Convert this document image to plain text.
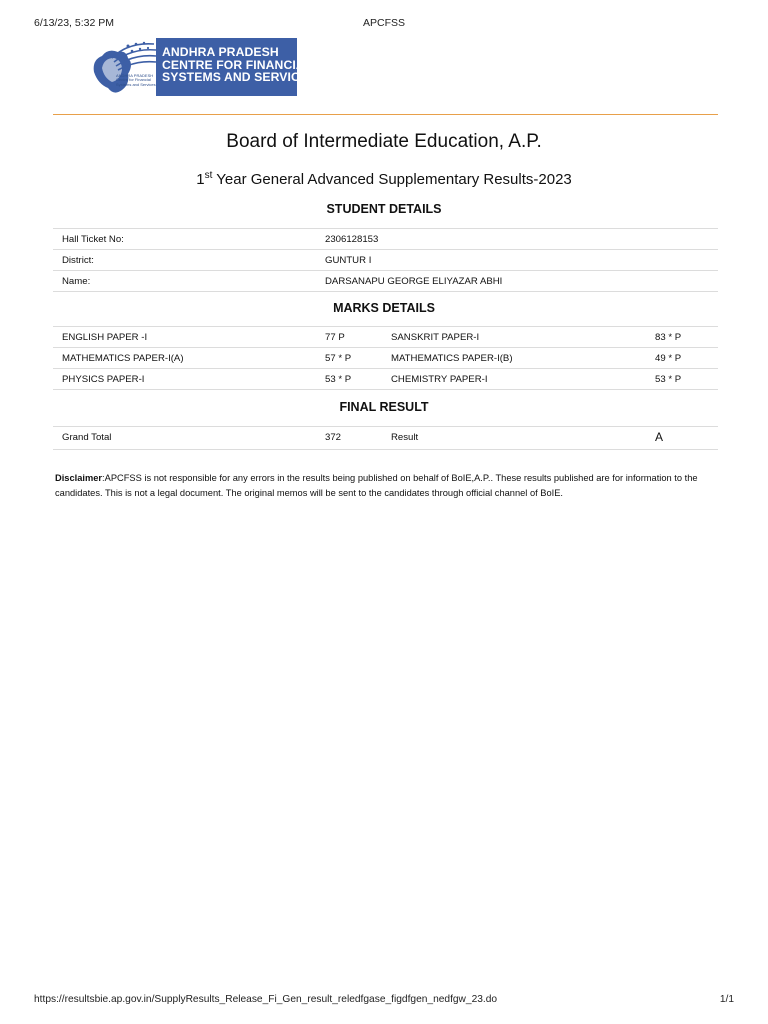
6/13/23, 5:32 PM	APCFSS
ANDHRA PRADESH
Centre for Financial
Systems and Services
ANDHRA PRADESH
CENTRE FOR FINANCIAL
SYSTEMS AND SERVICES
Board of Intermediate Education, A.P.
1st Year General Advanced Supplementary Results-2023
STUDENT DETAILS
Hall Ticket No:	2306128153
District:	GUNTUR I
Name:	DARSANAPU GEORGE ELIYAZAR ABHI
MARKS DETAILS
ENGLISH PAPER -I	77 P	SANSKRIT PAPER-I	83 * P
MATHEMATICS PAPER-I(A)	57 * P	MATHEMATICS PAPER-I(B)	49 * P
PHYSICS PAPER-I	53 * P	CHEMISTRY PAPER-I	53 * P
FINAL RESULT
Grand Total	372	Result	A
Disclaimer:APCFSS is not responsible for any errors in the results being published on behalf of BoIE,A.P.. These results published are for information to the candidates. This is not a legal document. The original memos will be sent to the candidates through official channel of BoIE.
https://resultsbie.ap.gov.in/SupplyResults_Release_Fi_Gen_result_reledfgase_figdfgen_nedfgw_23.do	1/1
